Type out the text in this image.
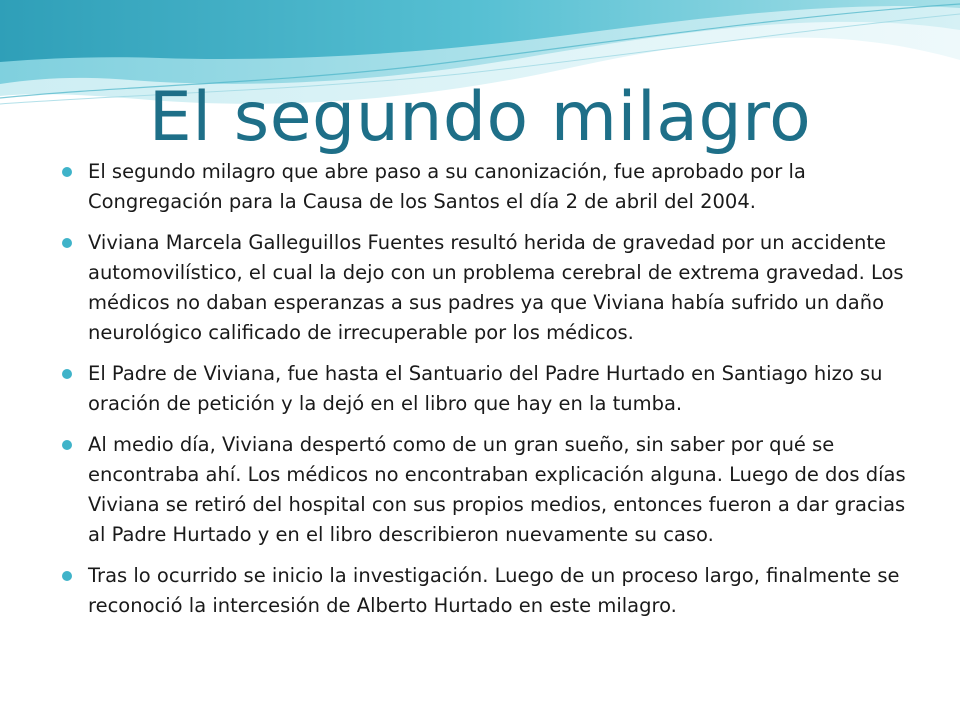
El segundo milagro
El segundo milagro que abre paso a su canonización, fue aprobado por la Congregación para la Causa de los Santos el día 2 de abril del 2004.
Viviana Marcela Galleguillos Fuentes resultó herida de gravedad por un accidente automovilístico, el cual la dejo con un problema cerebral de extrema gravedad. Los médicos no daban esperanzas a sus padres ya que Viviana había sufrido un daño neurológico calificado de irrecuperable por los médicos.
El Padre de Viviana, fue hasta el Santuario del Padre Hurtado en Santiago hizo su oración de petición y la dejó en el libro que hay en la tumba.
Al medio día, Viviana despertó como de un gran sueño, sin saber por qué se encontraba ahí. Los médicos no encontraban explicación alguna. Luego de dos días Viviana se retiró del hospital con sus propios medios, entonces fueron a dar gracias al Padre Hurtado y en el libro describieron nuevamente su caso.
Tras lo ocurrido se inicio la investigación. Luego de un proceso largo, finalmente se reconoció la intercesión de Alberto Hurtado en este milagro.
